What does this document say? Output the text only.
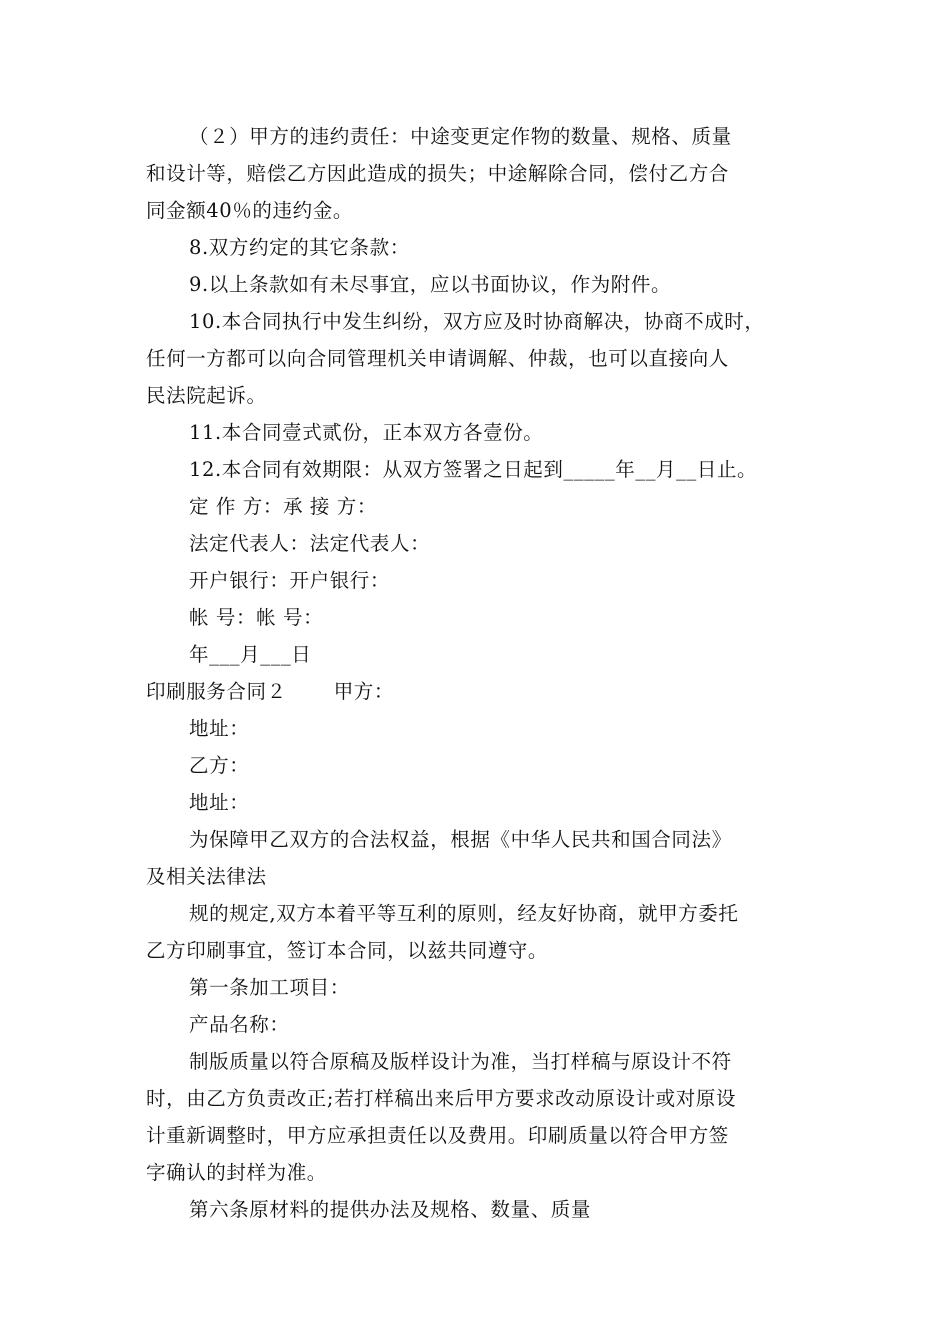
（２）甲方的违约责任：中途变更定作物的数量、规格、质量
和设计等，赔偿乙方因此造成的损失；中途解除合同，偿付乙方合
同金额40％的违约金。
8.双方约定的其它条款：
9.以上条款如有未尽事宜，应以书面协议，作为附件。
10.本合同执行中发生纠纷，双方应及时协商解决，协商不成时，
任何一方都可以向合同管理机关申请调解、仲裁，也可以直接向人
民法院起诉。
11.本合同壹式贰份，正本双方各壹份。
12.本合同有效期限：从双方签署之日起到_____年__月__日止。
定 作 方：承 接 方：
法定代表人：法定代表人：
开户银行：开户银行：
帐 号：帐 号：
年___月___日
印刷服务合同２ 甲方：
地址：
乙方：
地址：
为保障甲乙双方的合法权益，根据《中华人民共和国合同法》
及相关法律法
规的规定,双方本着平等互利的原则，经友好协商，就甲方委托
乙方印刷事宜，签订本合同，以兹共同遵守。
第一条加工项目：
产品名称：
制版质量以符合原稿及版样设计为准，当打样稿与原设计不符
时，由乙方负责改正;若打样稿出来后甲方要求改动原设计或对原设
计重新调整时，甲方应承担责任以及费用。印刷质量以符合甲方签
字确认的封样为准。
第六条原材料的提供办法及规格、数量、质量
